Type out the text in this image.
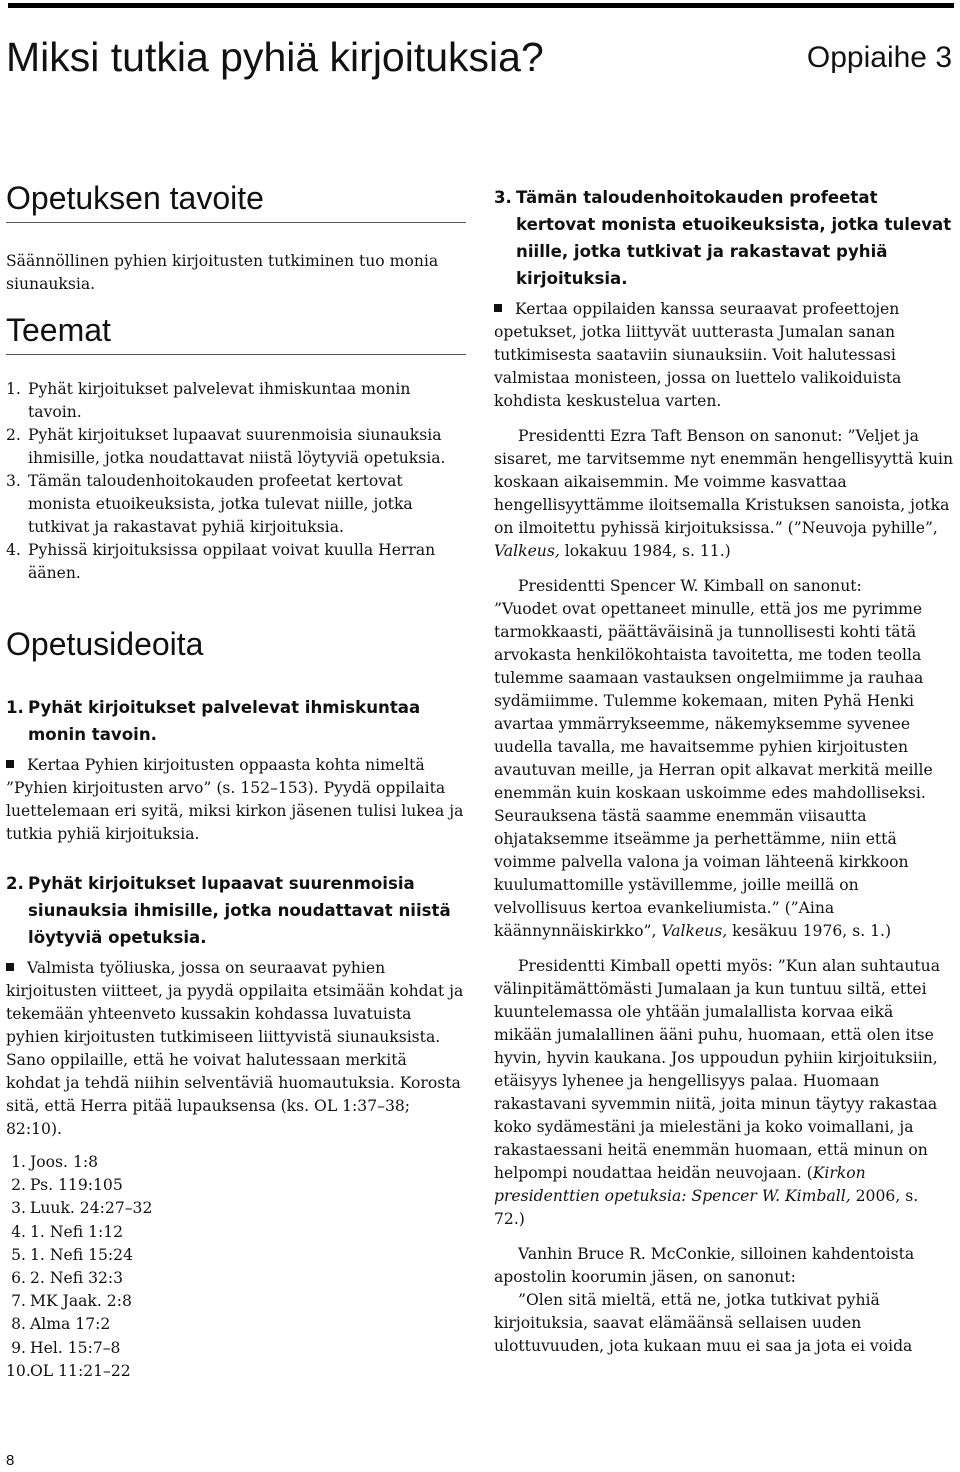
Miksi tutkia pyhiä kirjoituksia?	Oppiaihe 3
Opetuksen tavoite

Säännöllinen pyhien kirjoitusten tutkiminen tuo monia siunauksia.

Teemat
1. Pyhät kirjoitukset palvelevat ihmiskuntaa monin tavoin.
2. Pyhät kirjoitukset lupaavat suurenmoisia siunauksia ihmisille, jotka noudattavat niistä löytyviä opetuksia.
3. Tämän taloudenhoitokauden profeetat kertovat monista etuoikeuksista, jotka tulevat niille, jotka tutkivat ja rakastavat pyhiä kirjoituksia.
4. Pyhissä kirjoituksissa oppilaat voivat kuulla Herran äänen.
Opetusideoita
1. Pyhät kirjoitukset palvelevat ihmiskuntaa monin tavoin.

Kertaa Pyhien kirjoitusten oppaasta kohta nimeltä ”Pyhien kirjoitusten arvo” (s. 152–153). Pyydä oppilaita luettelemaan eri syitä, miksi kirkon jäsenen tulisi lukea ja tutkia pyhiä kirjoituksia.

2. Pyhät kirjoitukset lupaavat suurenmoisia siunauksia ihmisille, jotka noudattavat niistä löytyviä opetuksia.

Valmista työliuska, jossa on seuraavat pyhien kirjoitusten viitteet, ja pyydä oppilaita etsimään kohdat ja tekemään yhteenveto kussakin kohdassa luvatuista pyhien kirjoitusten tutkimiseen liittyvistä siunauksista. Sano oppilaille, että he voivat halutessaan merkitä kohdat ja tehdä niihin selventäviä huomautuksia. Korosta sitä, että Herra pitää lupauksensa (ks. OL 1:37–38; 82:10).

1. Joos. 1:8
2. Ps. 119:105
3. Luuk. 24:27–32
4. 1. Nefi 1:12
5. 1. Nefi 15:24
6. 2. Nefi 32:3
7. MK Jaak. 2:8
8. Alma 17:2
9. Hel. 15:7–8
10. OL 11:21–22
3. Tämän taloudenhoitokauden profeetat kertovat monista etuoikeuksista, jotka tulevat niille, jotka tutkivat ja rakastavat pyhiä kirjoituksia.

Kertaa oppilaiden kanssa seuraavat profeettojen opetukset, jotka liittyvät uutterasta Jumalan sanan tutkimisesta saataviin siunauksiin. Voit halutessasi valmistaa monisteen, jossa on luettelo valikoiduista kohdista keskustelua varten.

Presidentti Ezra Taft Benson on sanonut: ”Veljet ja sisaret, me tarvitsemme nyt enemmän hengellisyyttä kuin koskaan aikaisemmin. Me voimme kasvattaa hengellisyyttämme iloitsemalla Kristuksen sanoista, jotka on ilmoitettu pyhissä kirjoituksissa.” (”Neuvoja pyhille”, Valkeus, lokakuu 1984, s. 11.)

Presidentti Spencer W. Kimball on sanonut:

”Vuodet ovat opettaneet minulle, että jos me pyrimme tarmokkaasti, päättäväisinä ja tunnollisesti kohti tätä arvokasta henkilökohtaista tavoitetta, me toden teolla tulemme saamaan vastauksen ongelmiimme ja rauhaa sydämiimme. Tulemme kokemaan, miten Pyhä Henki avartaa ymmärrykseemme, näkemyksemme syvenee uudella tavalla, me havaitsemme pyhien kirjoitusten avautuvan meille, ja Herran opit alkavat merkitä meille enemmän kuin koskaan uskoimme edes mahdolliseksi. Seurauksena tästä saamme enemmän viisautta ohjataksemme itseämme ja perhettämme, niin että voimme palvella valona ja voiman lähteenä kirkkoon kuulumattomille ystävillemme, joille meillä on velvollisuus kertoa evankeliumista.” (”Aina käännynnäiskirkko”, Valkeus, kesäkuu 1976, s. 1.)

Presidentti Kimball opetti myös: ”Kun alan suhtautua välinpitämättömästi Jumalaan ja kun tuntuu siltä, ettei kuuntelemassa ole yhtään jumalallista korvaa eikä mikään jumalallinen ääni puhu, huomaan, että olen itse hyvin, hyvin kaukana. Jos uppoudun pyhiin kirjoituksiin, etäisyys lyhenee ja hengellisyys palaa. Huomaan rakastavani syvemmin niitä, joita minun täytyy rakastaa koko sydämestäni ja mielestäni ja koko voimallani, ja rakastaessani heitä enemmän huomaan, että minun on helpompi noudattaa heidän neuvojaan. (Kirkon presidenttien opetuksia: Spencer W. Kimball, 2006, s. 72.)

Vanhin Bruce R. McConkie, silloinen kahdentoista apostolin koorumin jäsen, on sanonut:

”Olen sitä mieltä, että ne, jotka tutkivat pyhiä kirjoituksia, saavat elämäänsä sellaisen uuden ulottuvuuden, jota kukaan muu ei saa ja jota ei voida

8
